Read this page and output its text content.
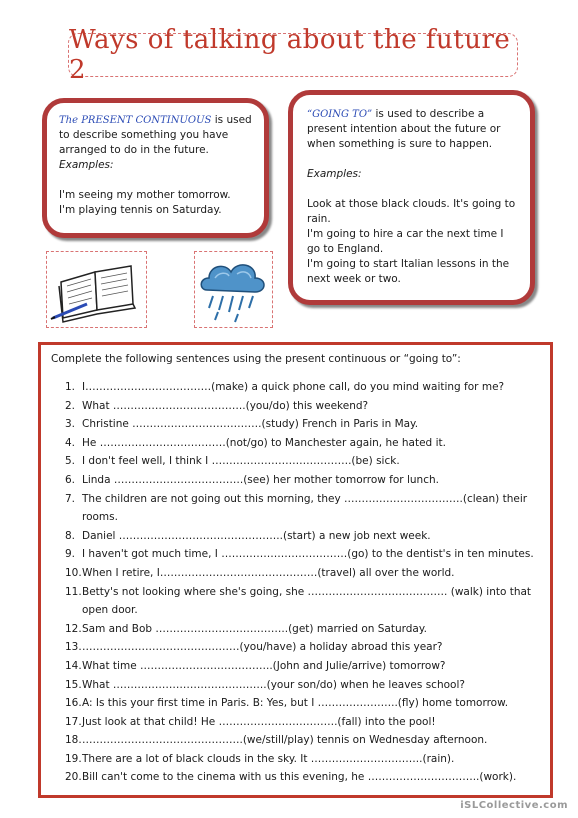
Ways of talking about the future 2

The PRESENT CONTINUOUS is used to describe something you have arranged to do in the future.

Examples:

I'm seeing my mother tomorrow.

I'm playing tennis on Saturday.

“GOING TO” is used to describe a present intention about the future or when something is sure to happen.

Examples:

Look at those black clouds. It's going to rain.

I'm going to hire a car the next time I go to England.

I'm going to start Italian lessons in the next week or two.

Complete the following sentences using the present continuous or “going to”:

1. I………………………………(make) a quick phone call, do you mind waiting for me?
2. What ………………………………..(you/do) this weekend?
3. Christine ……………………………….(study) French in Paris in May.
4. He ………………………………(not/go) to Manchester again, he hated it.
5. I don't feel well, I think I ………………………………….(be) sick.
6. Linda ……………………………….(see) her mother tomorrow for lunch.
7. The children are not going out this morning, they …………………………….(clean) their rooms.
8. Daniel ………………………………………..(start) a new job next week.
9. I haven't got much time, I ………………………………(go) to the dentist's in ten minutes.
10. When I retire, I………………………………………(travel) all over the world.
11. Betty's not looking where she's going, she …………………………………. (walk) into that open door.
12. Sam and Bob ………………………………..(get) married on Saturday.
13. ………………………………………(you/have) a holiday abroad this year?
14. What time ………………………………..(John and Julie/arrive) tomorrow?
15. What ……………………………………..(your son/do) when he leaves school?
16. A: Is this your first time in Paris. B: Yes, but I …………………..(fly) home tomorrow.
17. Just look at that child! He …………………………….(fall) into the pool!
18. ……………………………………….(we/still/play) tennis on Wednesday afternoon.
19. There are a lot of black clouds in the sky. It …………………………..(rain).
20. Bill can't come to the cinema with us this evening, he …………………………..(work).
iSLCollective.com
